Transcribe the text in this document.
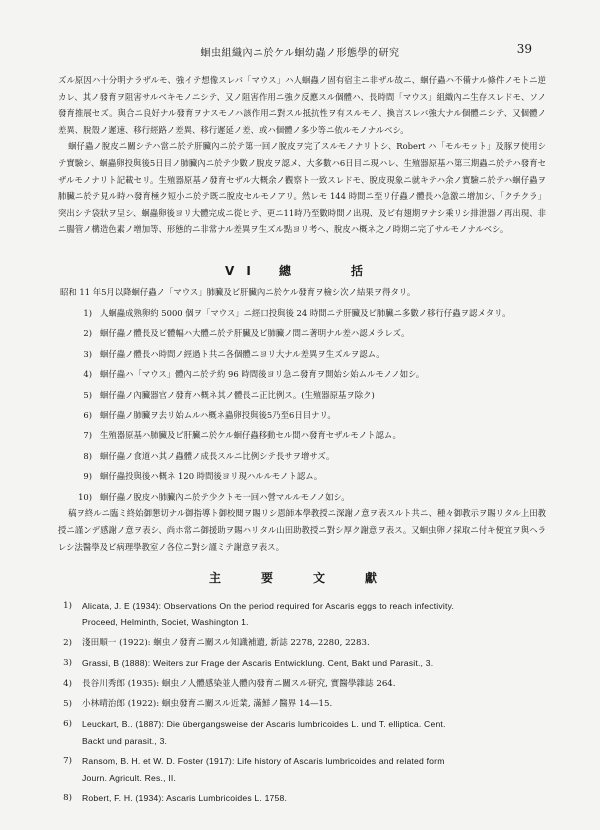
蛔虫組織內ニ於ケル蛔幼蟲ノ形態學的研究	39

ズル原因ハ十分明ナラザルモ、強イテ想像スレバ「マウス」ハ人蛔蟲ノ固有宿主ニ非ザル故ニ、蛔仔蟲ハ不備ナル條件ノモトニ逆カレ、其ノ發育ヲ阻害サルベキモノニシテ、又ノ阻害作用ニ強ク反應スル個體ハ、長時間「マウス」組織內ニ生存スレドモ、ソノ發育推展セズ。與合ニ良好ナル發育ヲナスモノハ該作用ニ對スル抵抗性ヲ有スルモノ、換言スレバ強大ナル個體ニシテ、又個體ノ差異、脫殼ノ遲速、移行經路ノ差異、移行遲延ノ差、或ハ個體ノ多少等ニ依ルモノナルベシ。

蛔仔蟲ノ脫皮ニ關シテハ當ニ於テ肝臟內ニ於テ第一回ノ脫皮ヲ完了スルモノナリトシ、Robert ハ「モルモット」及豚ヲ使用シテ實驗シ、蛔蟲卵投與後5日目ノ肺臟內ニ於テ少數ノ脫皮ヲ認メ、大多數ハ6日目ニ現ハレ、生殖器原基ハ第三期蟲ニ於テハ發育セザルモノナリト記載セリ。生殖器原基ノ發育セザル大概余ノ觀察ト一致スレドモ、脫皮現象ニ就キテハ余ノ實驗ニ於テハ蛔仔蟲ヲ肺臟ニ於テ見ル時ハ發育極ク短小ニ於テ既ニ脫皮セルモノアリ。然レモ 144 時間ニ至リ仔蟲ノ體長ハ急激ニ增加シ、「クチクラ」突出シテ袋狀ヲ呈シ、蛔蟲卵後ヨリ大體完成ニ從ヒテ、更ニ11時乃至數時間ノ出現、及ビ有翅期ヲナシ乘リシ排泄器ノ再出現、非ニ腸管ノ構造色素ノ增加等、形態的ニ非常ナル差異ヲ生ズル點ヨリ考ヘ、脫皮ハ概ネ之ノ時期ニ完了サルモノナルベシ。

VI 總　　括
昭和 11 年5月以降蛔仔蟲ノ「マウス」肺臟及ビ肝臟內ニ於ケル發育ヲ檢シ次ノ結果ヲ得タリ。
1) 人蛔蟲成熟卵約 5000 個ヲ「マウス」ニ經口投與後 24 時間ニテ肝臟及ビ肺臟ニ多數ノ移行仔蟲ヲ認メタリ。
2) 蛔仔蟲ノ體長及ビ體幅ハ大體ニ於テ肝臟及ビ肺臟ノ間ニ著明ナル差ハ認メラレズ。
3) 蛔仔蟲ノ體長ハ時間ノ經過ト共ニ各個體ニヨリ大ナル差異ヲ生ズルヲ認ム。
4) 蛔仔蟲ハ「マウス」體內ニ於テ約 96 時間後ヨリ急ニ發育ヲ開始シ始ムルモノノ如シ。
5) 蛔仔蟲ノ內臟器官ノ發育ハ概ネ其ノ體長ニ正比例ス。(生殖器原基ヲ除ク)
6) 蛔仔蟲ノ肺臟ヲ去リ始ムルハ概ネ蟲卵投與後5乃至6日目ナリ。
7) 生殖器原基ハ肺臟及ビ肝臟ニ於ケル蛔仔蟲移動セル間ハ發育セザルモノト認ム。
8) 蛔仔蟲ノ食道ハ其ノ蟲體ノ成長スルニ比例シテ長サヲ增サズ。
9) 蛔仔蟲投與後ハ概ネ 120 時間後ヨリ現ハルルモノト認ム。
10) 蛔仔蟲ノ脫皮ハ肺臟內ニ於テ少クトモ一回ハ營マルルモノノ如シ。

稿ヲ終ルニ臨ミ終始御懇切ナル御指導ト御校閱ヲ賜リシ恩師本學教授ニ深謝ノ意ヲ表スルト共ニ、種々御教示ヲ賜リタル上田教授ニ謹ンデ感謝ノ意ヲ表シ、尚ホ常ニ御援助ヲ賜ハリタル山田助教授ニ對シ厚ク謝意ヲ表ス。又蛔虫卵ノ採取ニ付キ便宜ヲ與ヘラレシ法醫學及ビ病理學教室ノ各位ニ對シ謹ミテ謝意ヲ表ス。

主　要　文　獻
1)	Alicata, J. E (1934): Observations On the period required for Ascaris eggs to reach infectivity.
Proceed, Helminth, Societ, Washington 1.
2)	淺田順一 (1922): 蛔虫ノ發育ニ關スル知識補遺, 新誌 2278, 2280, 2283.
3)	Grassi, B (1888): Weiters zur Frage der Ascaris Entwicklung. Cent, Bakt und Parasit., 3.
4)	長谷川秀郎 (1935): 蛔虫ノ人體感染並人體內發育ニ關スル研究, 實醫學雜誌 264.
5)	小林晴治郎 (1922): 蛔虫發育ニ關スル近業, 滿鮮ノ醫界 14—15.
6)	Leuckart, B.. (1887): Die übergangsweise der Ascaris lumbricoides L. und T. elliptica. Cent.
Backt und parasit., 3.
7)	Ransom, B. H. et W. D. Foster (1917): Life history of Ascaris lumbricoides and related form
Journ. Agricult. Res., II.
8)	Robert, F. H. (1934): Ascaris Lumbricoides L. 1758.
